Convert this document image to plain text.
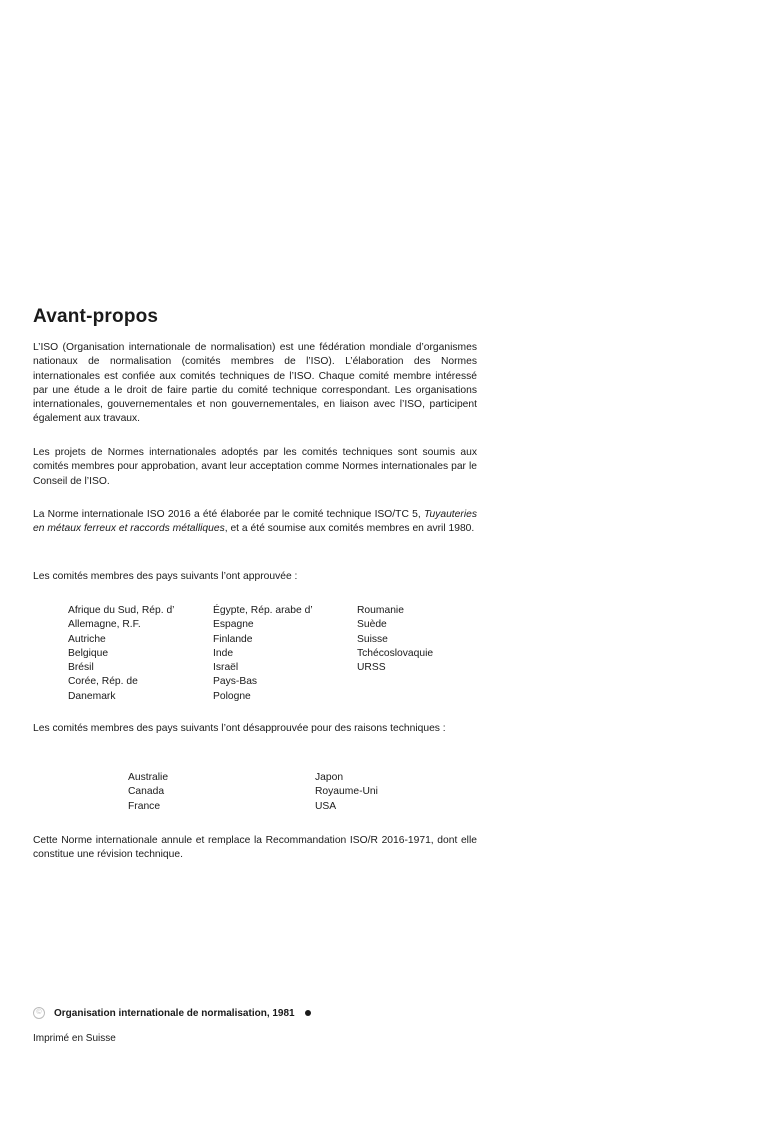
Avant-propos

L’ISO (Organisation internationale de normalisation) est une fédération mondiale d’organismes nationaux de normalisation (comités membres de l’ISO). L’élaboration des Normes internationales est confiée aux comités techniques de l’ISO. Chaque comité membre intéressé par une étude a le droit de faire partie du comité technique correspondant. Les organisations internationales, gouvernementales et non gouvernementales, en liaison avec l’ISO, participent également aux travaux.

Les projets de Normes internationales adoptés par les comités techniques sont soumis aux comités membres pour approbation, avant leur acceptation comme Normes internationales par le Conseil de l’ISO.

La Norme internationale ISO 2016 a été élaborée par le comité technique ISO/TC 5, Tuyauteries en métaux ferreux et raccords métalliques, et a été soumise aux comités membres en avril 1980.

Les comités membres des pays suivants l’ont approuvée :

Afrique du Sud, Rép. d’
Allemagne, R.F.
Autriche
Belgique
Brésil
Corée, Rép. de
Danemark
Égypte, Rép. arabe d’
Espagne
Finlande
Inde
Israël
Pays-Bas
Pologne
Roumanie
Suède
Suisse
Tchécoslovaquie
URSS

Les comités membres des pays suivants l’ont désapprouvée pour des raisons techniques :

Australie
Canada
France
Japon
Royaume-Uni
USA

Cette Norme internationale annule et remplace la Recommandation ISO/R 2016-1971, dont elle constitue une révision technique.

©	Organisation internationale de normalisation, 1981
Imprimé en Suisse
